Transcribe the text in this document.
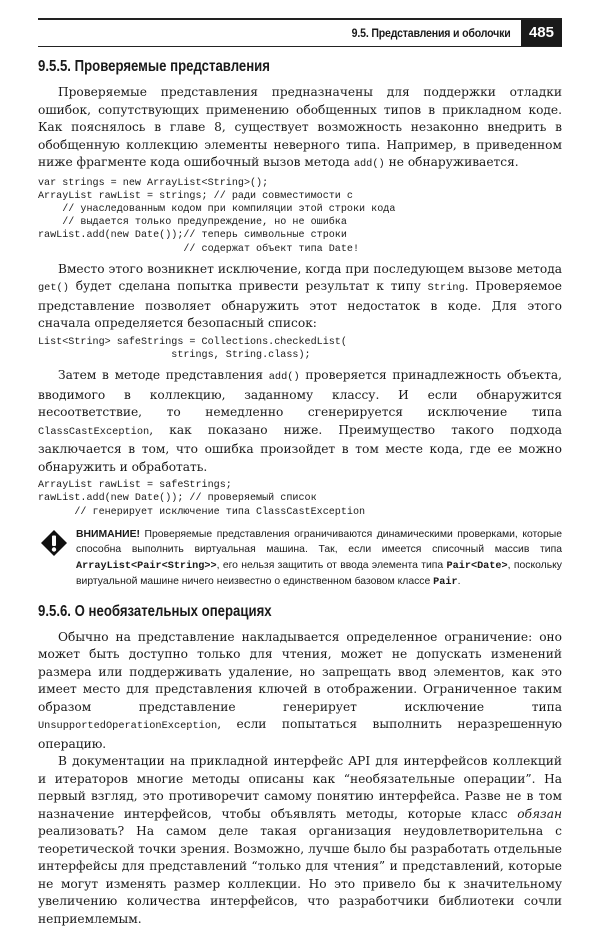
9.5. Представления и оболочки	485
9.5.5. Проверяемые представления

Проверяемые представления предназначены для поддержки отладки ошибок, сопутствующих применению обобщенных типов в прикладном коде. Как пояснялось в главе 8, существует возможность незаконно внедрить в обобщенную коллекцию элементы неверного типа. Например, в приведенном ниже фрагменте кода ошибочный вызов метода add() не обнаруживается.

var strings = new ArrayList<String>();
ArrayList rawList = strings; // ради совместимости с
// унаследованным кодом при компиляции этой строки кода
// выдается только предупреждение, но не ошибка
rawList.add(new Date());// теперь символьные строки
// содержат объект типа Date!

Вместо этого возникнет исключение, когда при последующем вызове метода get() будет сделана попытка привести результат к типу String. Проверяемое представление позволяет обнаружить этот недостаток в коде. Для этого сначала определяется безопасный список:

List<String> safeStrings = Collections.checkedList(
strings, String.class);

Затем в методе представления add() проверяется принадлежность объекта, вводимого в коллекцию, заданному классу. И если обнаружится несоответствие, то немедленно сгенерируется исключение типа ClassCastException, как показано ниже. Преимущество такого подхода заключается в том, что ошибка произойдет в том месте кода, где ее можно обнаружить и обработать.

ArrayList rawList = safeStrings;
rawList.add(new Date()); // проверяемый список
// генерирует исключение типа ClassCastException
ВНИМАНИЕ! Проверяемые представления ограничиваются динамическими проверками, которые способна выполнить виртуальная машина. Так, если имеется списочный массив типа ArrayList<Pair<String>>, его нельзя защитить от ввода элемента типа Pair<Date>, поскольку виртуальной машине ничего неизвестно о единственном базовом классе Pair.
9.5.6. О необязательных операциях

Обычно на представление накладывается определенное ограничение: оно может быть доступно только для чтения, может не допускать изменений размера или поддерживать удаление, но запрещать ввод элементов, как это имеет место для представления ключей в отображении. Ограниченное таким образом представление генерирует исключение типа UnsupportedOperationException, если попытаться выполнить неразрешенную операцию.

В документации на прикладной интерфейс API для интерфейсов коллекций и итераторов многие методы описаны как “необязательные операции”. На первый взгляд, это противоречит самому понятию интерфейса. Разве не в том назначение интерфейсов, чтобы объявлять методы, которые класс обязан реализовать? На самом деле такая организация неудовлетворительна с теоретической точки зрения. Возможно, лучше было бы разработать отдельные интерфейсы для представлений “только для чтения” и представлений, которые не могут изменять размер коллекции. Но это привело бы к значительному увеличению количества интерфейсов, что разработчики библиотеки сочли неприемлемым.
